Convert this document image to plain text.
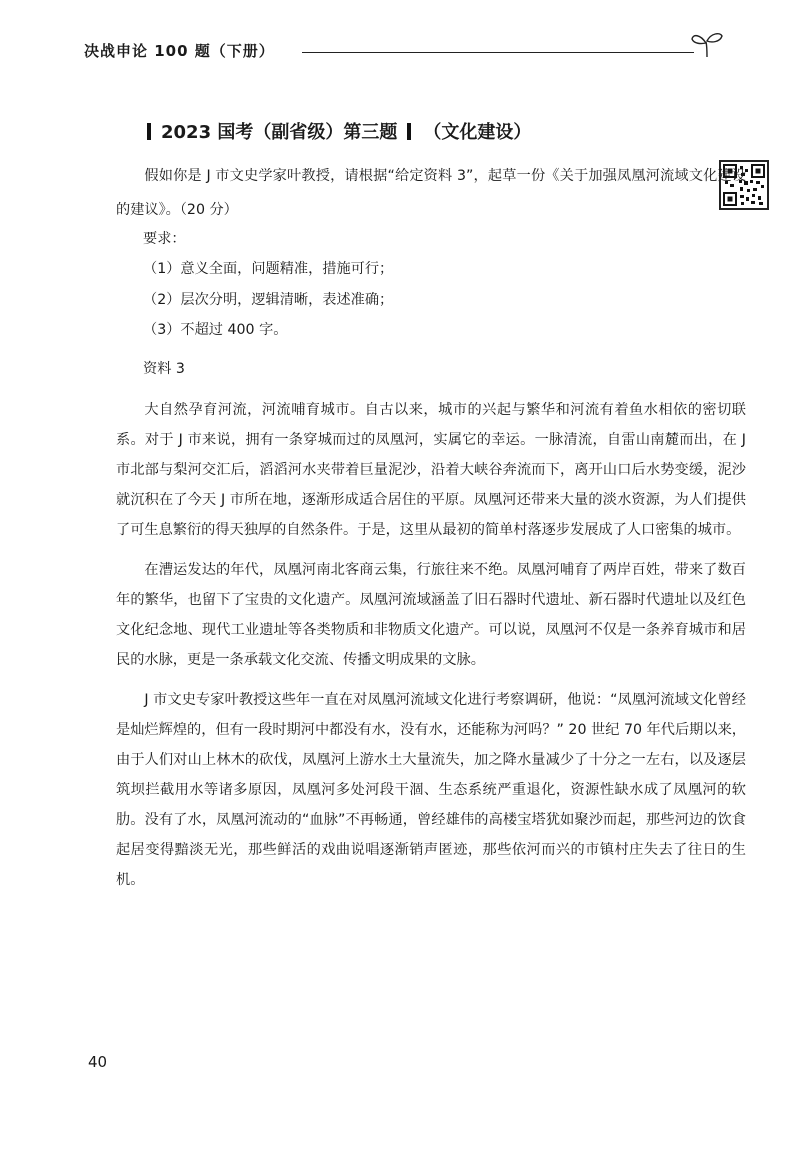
决战申论 100 题（下册）
2023 国考（副省级）第三题 （文化建设）

假如你是 J 市文史学家叶教授，请根据“给定资料 3”，起草一份《关于加强凤凰河流域文化建设的建议》。（20 分）

要求：

（1）意义全面，问题精准，措施可行；
（2）层次分明，逻辑清晰，表述准确；
（3）不超过 400 字。

资料 3

大自然孕育河流，河流哺育城市。自古以来，城市的兴起与繁华和河流有着鱼水相依的密切联系。对于 J 市来说，拥有一条穿城而过的凤凰河，实属它的幸运。一脉清流，自雷山南麓而出，在 J 市北部与梨河交汇后，滔滔河水夹带着巨量泥沙，沿着大峡谷奔流而下，离开山口后水势变缓，泥沙就沉积在了今天 J 市所在地，逐渐形成适合居住的平原。凤凰河还带来大量的淡水资源，为人们提供了可生息繁衍的得天独厚的自然条件。于是，这里从最初的简单村落逐步发展成了人口密集的城市。

在漕运发达的年代，凤凰河南北客商云集，行旅往来不绝。凤凰河哺育了两岸百姓，带来了数百年的繁华，也留下了宝贵的文化遗产。凤凰河流域涵盖了旧石器时代遗址、新石器时代遗址以及红色文化纪念地、现代工业遗址等各类物质和非物质文化遗产。可以说，凤凰河不仅是一条养育城市和居民的水脉，更是一条承载文化交流、传播文明成果的文脉。

J 市文史专家叶教授这些年一直在对凤凰河流域文化进行考察调研，他说：“凤凰河流域文化曾经是灿烂辉煌的，但有一段时期河中都没有水，没有水，还能称为河吗？” 20 世纪 70 年代后期以来，由于人们对山上林木的砍伐，凤凰河上游水土大量流失，加之降水量减少了十分之一左右，以及逐层筑坝拦截用水等诸多原因，凤凰河多处河段干涸、生态系统严重退化，资源性缺水成了凤凰河的软肋。没有了水，凤凰河流动的“血脉”不再畅通，曾经雄伟的高楼宝塔犹如聚沙而起，那些河边的饮食起居变得黯淡无光，那些鲜活的戏曲说唱逐渐销声匿迹，那些依河而兴的市镇村庄失去了往日的生机。

40
